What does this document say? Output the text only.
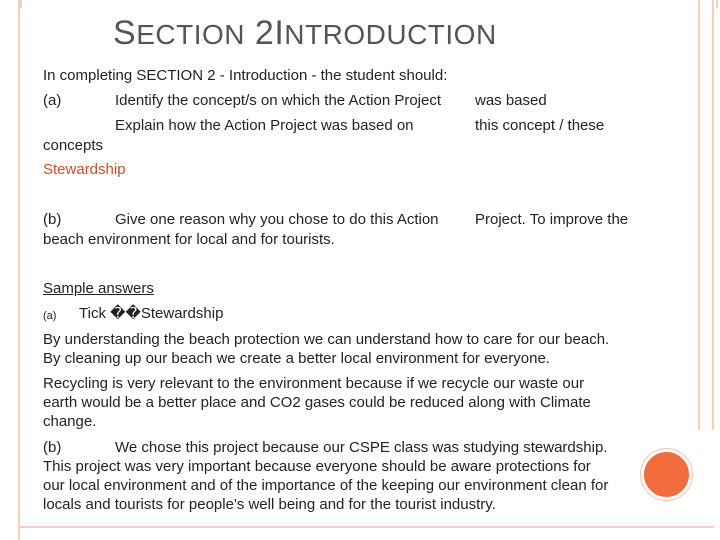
SECTION 2INTRODUCTION
In completing SECTION 2 - Introduction - the student should:
(a)	Identify the concept/s on which the Action Project was based
Explain how the Action Project was based on	this concept / these
concepts
Stewardship
(b)	Give one reason why you chose to do this Action Project. To improve the
beach environment for local and for tourists.
Sample answers
(a) Tick ��Stewardship
By understanding the beach protection we can understand how to care for our beach.
By cleaning up our beach we create a better local environment for everyone.
Recycling is very relevant to the environment because if we recycle our waste our
earth would be a better place and CO2 gases could be reduced along with Climate
change.
(b)	We chose this project because our CSPE class was studying stewardship.
This project was very important because everyone should be aware protections for
our local environment and of the importance of the keeping our environment clean for
locals and tourists for people's well being and for the tourist industry.
